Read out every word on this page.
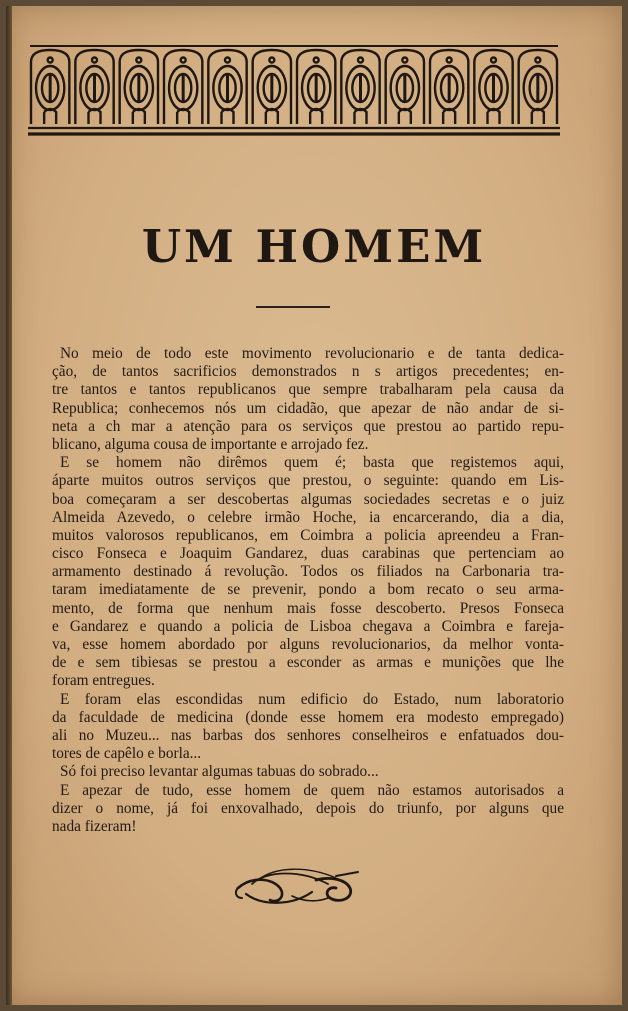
UM HOMEM
No meio de todo este movimento revolucionario e de tanta dedica-
ção, de tantos sacrificios demonstrados n s artigos precedentes; en-
tre tantos e tantos republicanos que sempre trabalharam pela causa da
Republica; conhecemos nós um cidadão, que apezar de não andar de si-
neta a ch mar a atenção para os serviços que prestou ao partido repu-
blicano, alguma cousa de importante e arrojado fez.
E se homem não dirêmos quem é; basta que registemos aqui,
áparte muitos outros serviços que prestou, o seguinte: quando em Lis-
boa começaram a ser descobertas algumas sociedades secretas e o juiz
Almeida Azevedo, o celebre irmão Hoche, ia encarcerando, dia a dia,
muitos valorosos republicanos, em Coimbra a policia apreendeu a Fran-
cisco Fonseca e Joaquim Gandarez, duas carabinas que pertenciam ao
armamento destinado á revolução. Todos os filiados na Carbonaria tra-
taram imediatamente de se prevenir, pondo a bom recato o seu arma-
mento, de forma que nenhum mais fosse descoberto. Presos Fonseca
e Gandarez e quando a policia de Lisboa chegava a Coimbra e fareja-
va, esse homem abordado por alguns revolucionarios, da melhor vonta-
de e sem tibiesas se prestou a esconder as armas e munições que lhe
foram entregues.
E foram elas escondidas num edificio do Estado, num laboratorio
da faculdade de medicina (donde esse homem era modesto empregado)
ali no Muzeu... nas barbas dos senhores conselheiros e enfatuados dou-
tores de capêlo e borla...
Só foi preciso levantar algumas tabuas do sobrado...
E apezar de tudo, esse homem de quem não estamos autorisados a
dizer o nome, já foi enxovalhado, depois do triunfo, por alguns que
nada fizeram!
